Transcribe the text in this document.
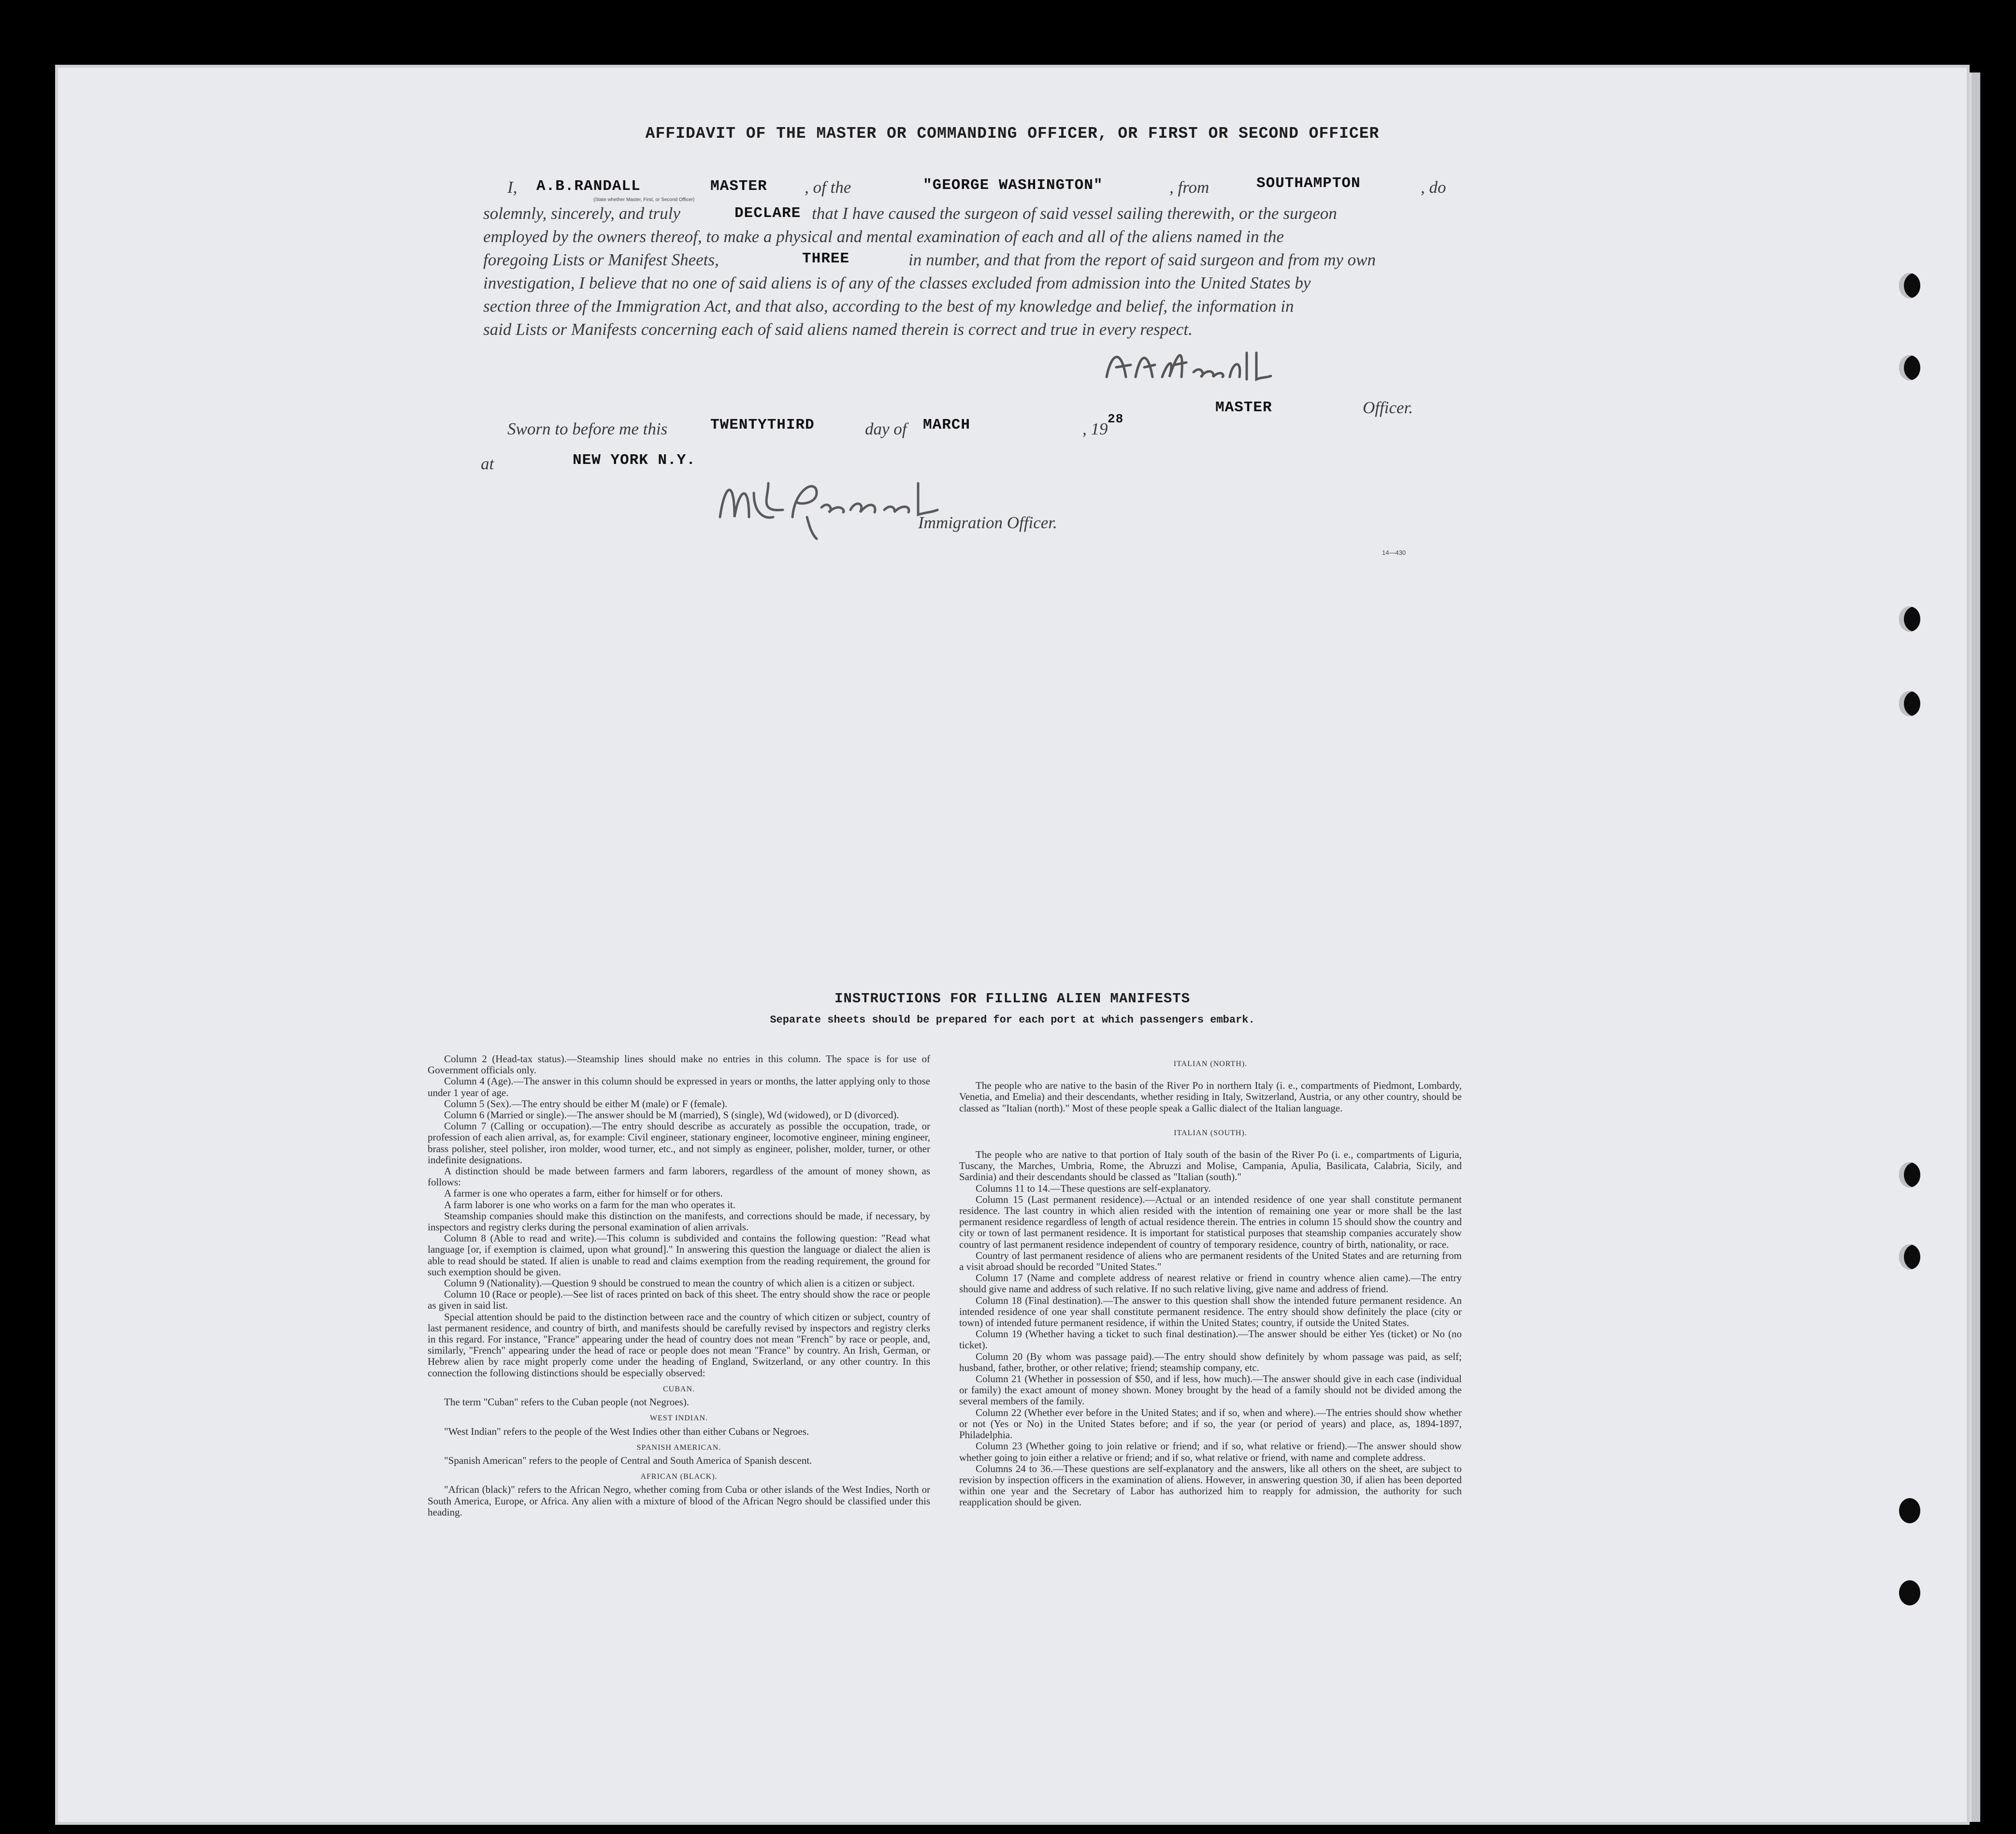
AFFIDAVIT OF THE MASTER OR COMMANDING OFFICER, OR FIRST OR SECOND OFFICER
I, A.B.RANDALL	MASTER
(State whether Master, First, or Second Officer)
, of the	"GEORGE WASHINGTON"	, from	SOUTHAMPTON	, do
solemnly, sincerely, and truly	DECLARE that I have caused the surgeon of said vessel sailing therewith, or the surgeon
employed by the owners thereof, to make a physical and mental examination of each and all of the aliens named in the
foregoing Lists or Manifest Sheets,	THREE	in number, and that from the report of said surgeon and from my own
investigation, I believe that no one of said aliens is of any of the classes excluded from admission into the United States by
section three of the Immigration Act, and that also, according to the best of my knowledge and belief, the information in
said Lists or Manifests concerning each of said aliens named therein is correct and true in every respect.
Sworn to before me this	TWENTYTHIRD	day of MARCH	, 19
28
MASTER	Officer.
at	NEW YORK N.Y.
Immigration Officer.
14—430
INSTRUCTIONS FOR FILLING ALIEN MANIFESTS
Separate sheets should be prepared for each port at which passengers embark.

Column 2 (Head-tax status).—Steamship lines should make no entries in this column. The space is for use of Government officials only.

Column 4 (Age).—The answer in this column should be expressed in years or months, the latter applying only to those under 1 year of age.

Column 5 (Sex).—The entry should be either M (male) or F (female).

Column 6 (Married or single).—The answer should be M (married), S (single), Wd (widowed), or D (divorced).

Column 7 (Calling or occupation).—The entry should describe as accurately as possible the occupation, trade, or profession of each alien arrival, as, for example: Civil engineer, stationary engineer, locomotive engineer, mining engineer, brass polisher, steel polisher, iron molder, wood turner, etc., and not simply as engineer, polisher, molder, turner, or other indefinite designations.

A distinction should be made between farmers and farm laborers, regardless of the amount of money shown, as follows:

A farmer is one who operates a farm, either for himself or for others.

A farm laborer is one who works on a farm for the man who operates it.

Steamship companies should make this distinction on the manifests, and corrections should be made, if necessary, by inspectors and registry clerks during the personal examination of alien arrivals.

Column 8 (Able to read and write).—This column is subdivided and contains the following question: "Read what language [or, if exemption is claimed, upon what ground]." In answering this question the language or dialect the alien is able to read should be stated. If alien is unable to read and claims exemption from the reading requirement, the ground for such exemption should be given.

Column 9 (Nationality).—Question 9 should be construed to mean the country of which alien is a citizen or subject.

Column 10 (Race or people).—See list of races printed on back of this sheet. The entry should show the race or people as given in said list.

Special attention should be paid to the distinction between race and the country of which citizen or subject, country of last permanent residence, and country of birth, and manifests should be carefully revised by inspectors and registry clerks in this regard. For instance, "France" appearing under the head of country does not mean "French" by race or people, and, similarly, "French" appearing under the head of race or people does not mean "France" by country. An Irish, German, or Hebrew alien by race might properly come under the heading of England, Switzerland, or any other country. In this connection the following distinctions should be especially observed:

CUBAN.

The term "Cuban" refers to the Cuban people (not Negroes).

WEST INDIAN.

"West Indian" refers to the people of the West Indies other than either Cubans or Negroes.

SPANISH AMERICAN.

"Spanish American" refers to the people of Central and South America of Spanish descent.

AFRICAN (BLACK).

"African (black)" refers to the African Negro, whether coming from Cuba or other islands of the West Indies, North or South America, Europe, or Africa. Any alien with a mixture of blood of the African Negro should be classified under this heading.

ITALIAN (NORTH).

The people who are native to the basin of the River Po in northern Italy (i. e., compartments of Piedmont, Lombardy, Venetia, and Emelia) and their descendants, whether residing in Italy, Switzerland, Austria, or any other country, should be classed as "Italian (north)." Most of these people speak a Gallic dialect of the Italian language.

ITALIAN (SOUTH).

The people who are native to that portion of Italy south of the basin of the River Po (i. e., compartments of Liguria, Tuscany, the Marches, Umbria, Rome, the Abruzzi and Molise, Campania, Apulia, Basilicata, Calabria, Sicily, and Sardinia) and their descendants should be classed as "Italian (south)."

Columns 11 to 14.—These questions are self-explanatory.

Column 15 (Last permanent residence).—Actual or an intended residence of one year shall constitute permanent residence. The last country in which alien resided with the intention of remaining one year or more shall be the last permanent residence regardless of length of actual residence therein. The entries in column 15 should show the country and city or town of last permanent residence. It is important for statistical purposes that steamship companies accurately show country of last permanent residence independent of country of temporary residence, country of birth, nationality, or race.

Country of last permanent residence of aliens who are permanent residents of the United States and are returning from a visit abroad should be recorded "United States."

Column 17 (Name and complete address of nearest relative or friend in country whence alien came).—The entry should give name and address of such relative. If no such relative living, give name and address of friend.

Column 18 (Final destination).—The answer to this question shall show the intended future permanent residence. An intended residence of one year shall constitute permanent residence. The entry should show definitely the place (city or town) of intended future permanent residence, if within the United States; country, if outside the United States.

Column 19 (Whether having a ticket to such final destination).—The answer should be either Yes (ticket) or No (no ticket).

Column 20 (By whom was passage paid).—The entry should show definitely by whom passage was paid, as self; husband, father, brother, or other relative; friend; steamship company, etc.

Column 21 (Whether in possession of $50, and if less, how much).—The answer should give in each case (individual or family) the exact amount of money shown. Money brought by the head of a family should not be divided among the several members of the family.

Column 22 (Whether ever before in the United States; and if so, when and where).—The entries should show whether or not (Yes or No) in the United States before; and if so, the year (or period of years) and place, as, 1894-1897, Philadelphia.

Column 23 (Whether going to join relative or friend; and if so, what relative or friend).—The answer should show whether going to join either a relative or friend; and if so, what relative or friend, with name and complete address.

Columns 24 to 36.—These questions are self-explanatory and the answers, like all others on the sheet, are subject to revision by inspection officers in the examination of aliens. However, in answering question 30, if alien has been deported within one year and the Secretary of Labor has authorized him to reapply for admission, the authority for such reapplication should be given.
